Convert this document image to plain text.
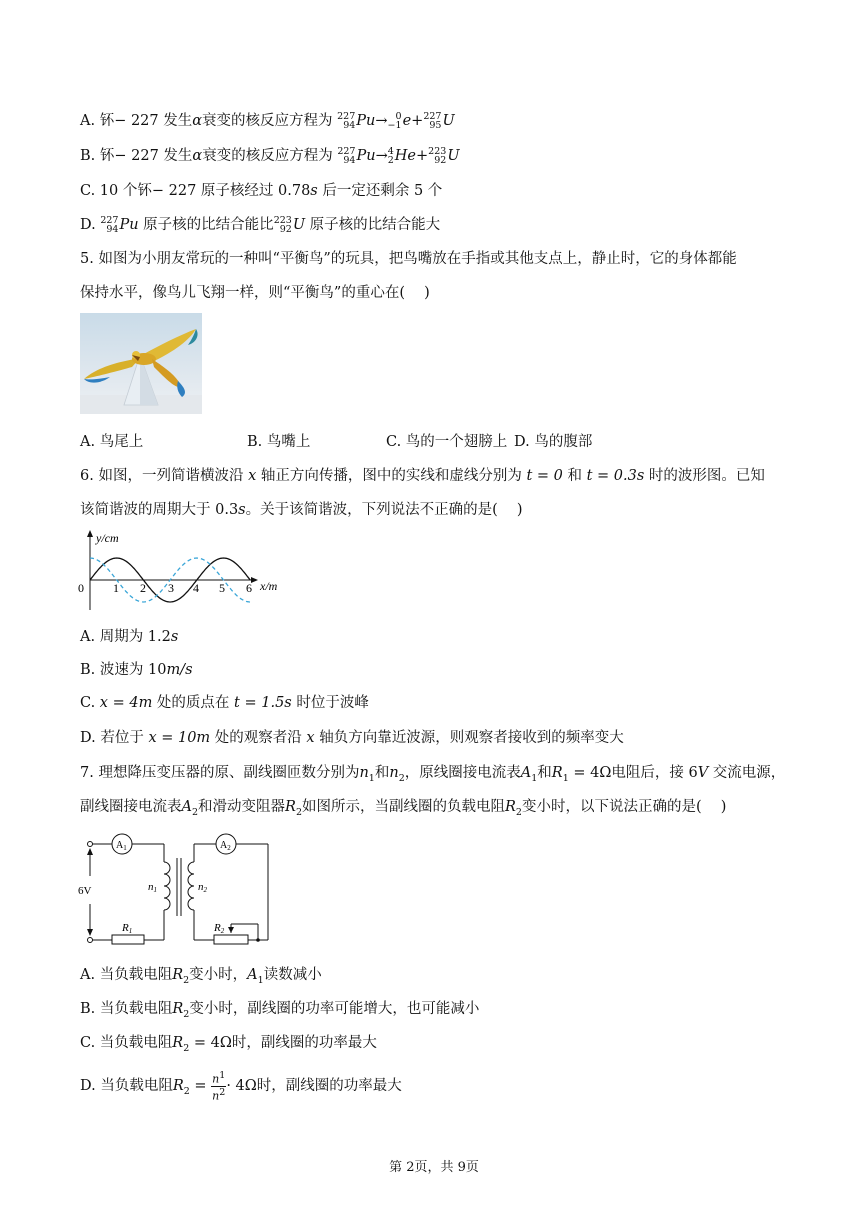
A. 钚− 227 发生α衰变的核反应方程为 227
94 Pu→ 0
−1 e+ 227
95 U
B. 钚− 227 发生α衰变的核反应方程为 227
94 Pu→ 4
2 He+ 223
92 U
C. 10 个钚− 227 原子核经过 0.78s 后一定还剩余 5 个
D. 227
94 Pu 原子核的比结合能比 223
92 U 原子核的比结合能大
5. 如图为小朋友常玩的一种叫“平衡鸟”的玩具，把鸟嘴放在手指或其他支点上，静止时，它的身体都能
保持水平，像鸟儿飞翔一样，则“平衡鸟”的重心在(　 )
A. 鸟尾上	B. 鸟嘴上	C. 鸟的一个翅膀上 D. 鸟的腹部
6. 如图，一列简谐横波沿 x 轴正方向传播，图中的实线和虚线分别为 t = 0 和 t = 0.3s 时的波形图。已知
该简谐波的周期大于 0.3s。关于该简谐波，下列说法不正确的是(　 )
y/cm
x/m
0 1 2 3 4 5 6
A. 周期为 1.2s
B. 波速为 10m/s
C. x = 4m 处的质点在 t = 1.5s 时位于波峰
D. 若位于 x = 10m 处的观察者沿 x 轴负方向靠近波源，则观察者接收到的频率变大
7. 理想降压变压器的原、副线圈匝数分别为$n_1$和$n_2$，原线圈接电流表$A_1$和$R_1 = 4\Omega$电阻后，接 6V 交流电源，
副线圈接电流表$A_2$和滑动变阻器$R_2$如图所示，当副线圈的负载电阻$R_2$变小时，以下说法正确的是(　 )
6V
$A_1$	$A_2$
n1	n2
R1	R2
A. 当负载电阻$R_2$变小时，$A_1$读数减小
B. 当负载电阻$R_2$变小时，副线圈的功率可能增大，也可能减小
C. 当负载电阻$R_2 = 4\Omega$时，副线圈的功率最大
D. 当负载电阻$R_2 = \frac{n^1}{n^2} \cdot 4\Omega$时，副线圈的功率最大
第 2页，共 9页
